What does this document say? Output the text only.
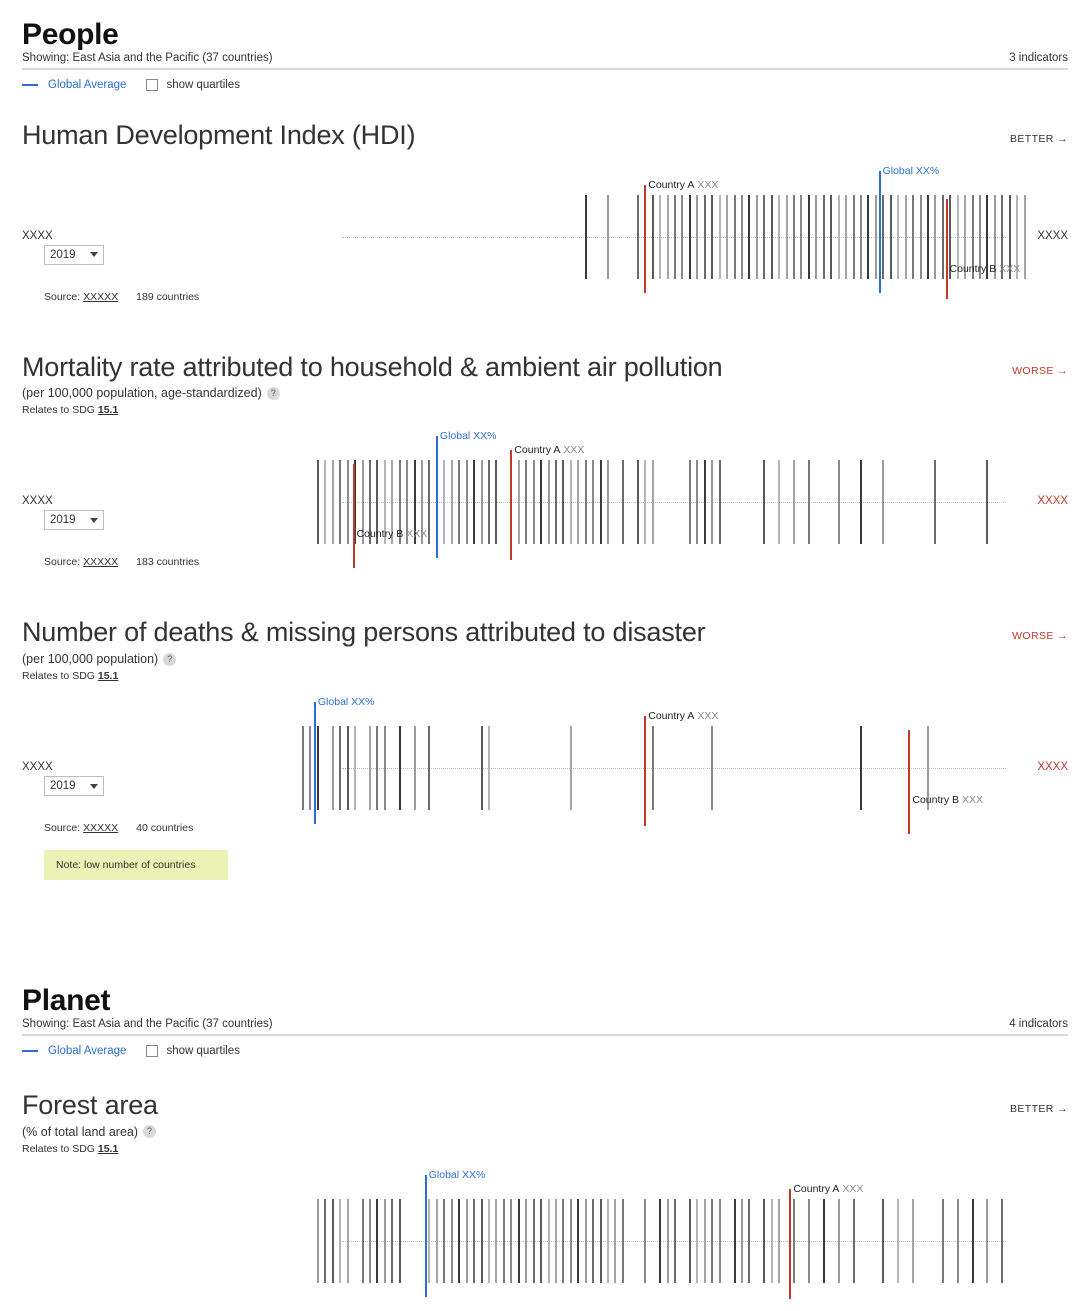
People
Showing: East Asia and the Pacific (37 countries)	3 indicators
Global Average	show quartiles
Human Development Index (HDI)	BETTER →
XXXX	XXXX
Global XX%
Country A XXX
Country B XXX
2019
Source: XXXXX 189 countries
Mortality rate attributed to household & ambient air pollution
(per 100,000 population, age-standardized) ?
Relates to SDG 15.1
WORSE →
XXXX	XXXX
Global XX%
Country A XXX
Country B XXX
2019
Source: XXXXX 183 countries
Number of deaths & missing persons attributed to disaster
(per 100,000 population) ?
Relates to SDG 15.1
WORSE →
XXXX	XXXX
Global XX%
Country A XXX
Country B XXX
2019
Source: XXXXX 40 countries
Note: low number of countries
Planet
Showing: East Asia and the Pacific (37 countries)	4 indicators
Global Average	show quartiles
Forest area
(% of total land area) ?
Relates to SDG 15.1
BETTER →
Global XX%
Country A XXX
